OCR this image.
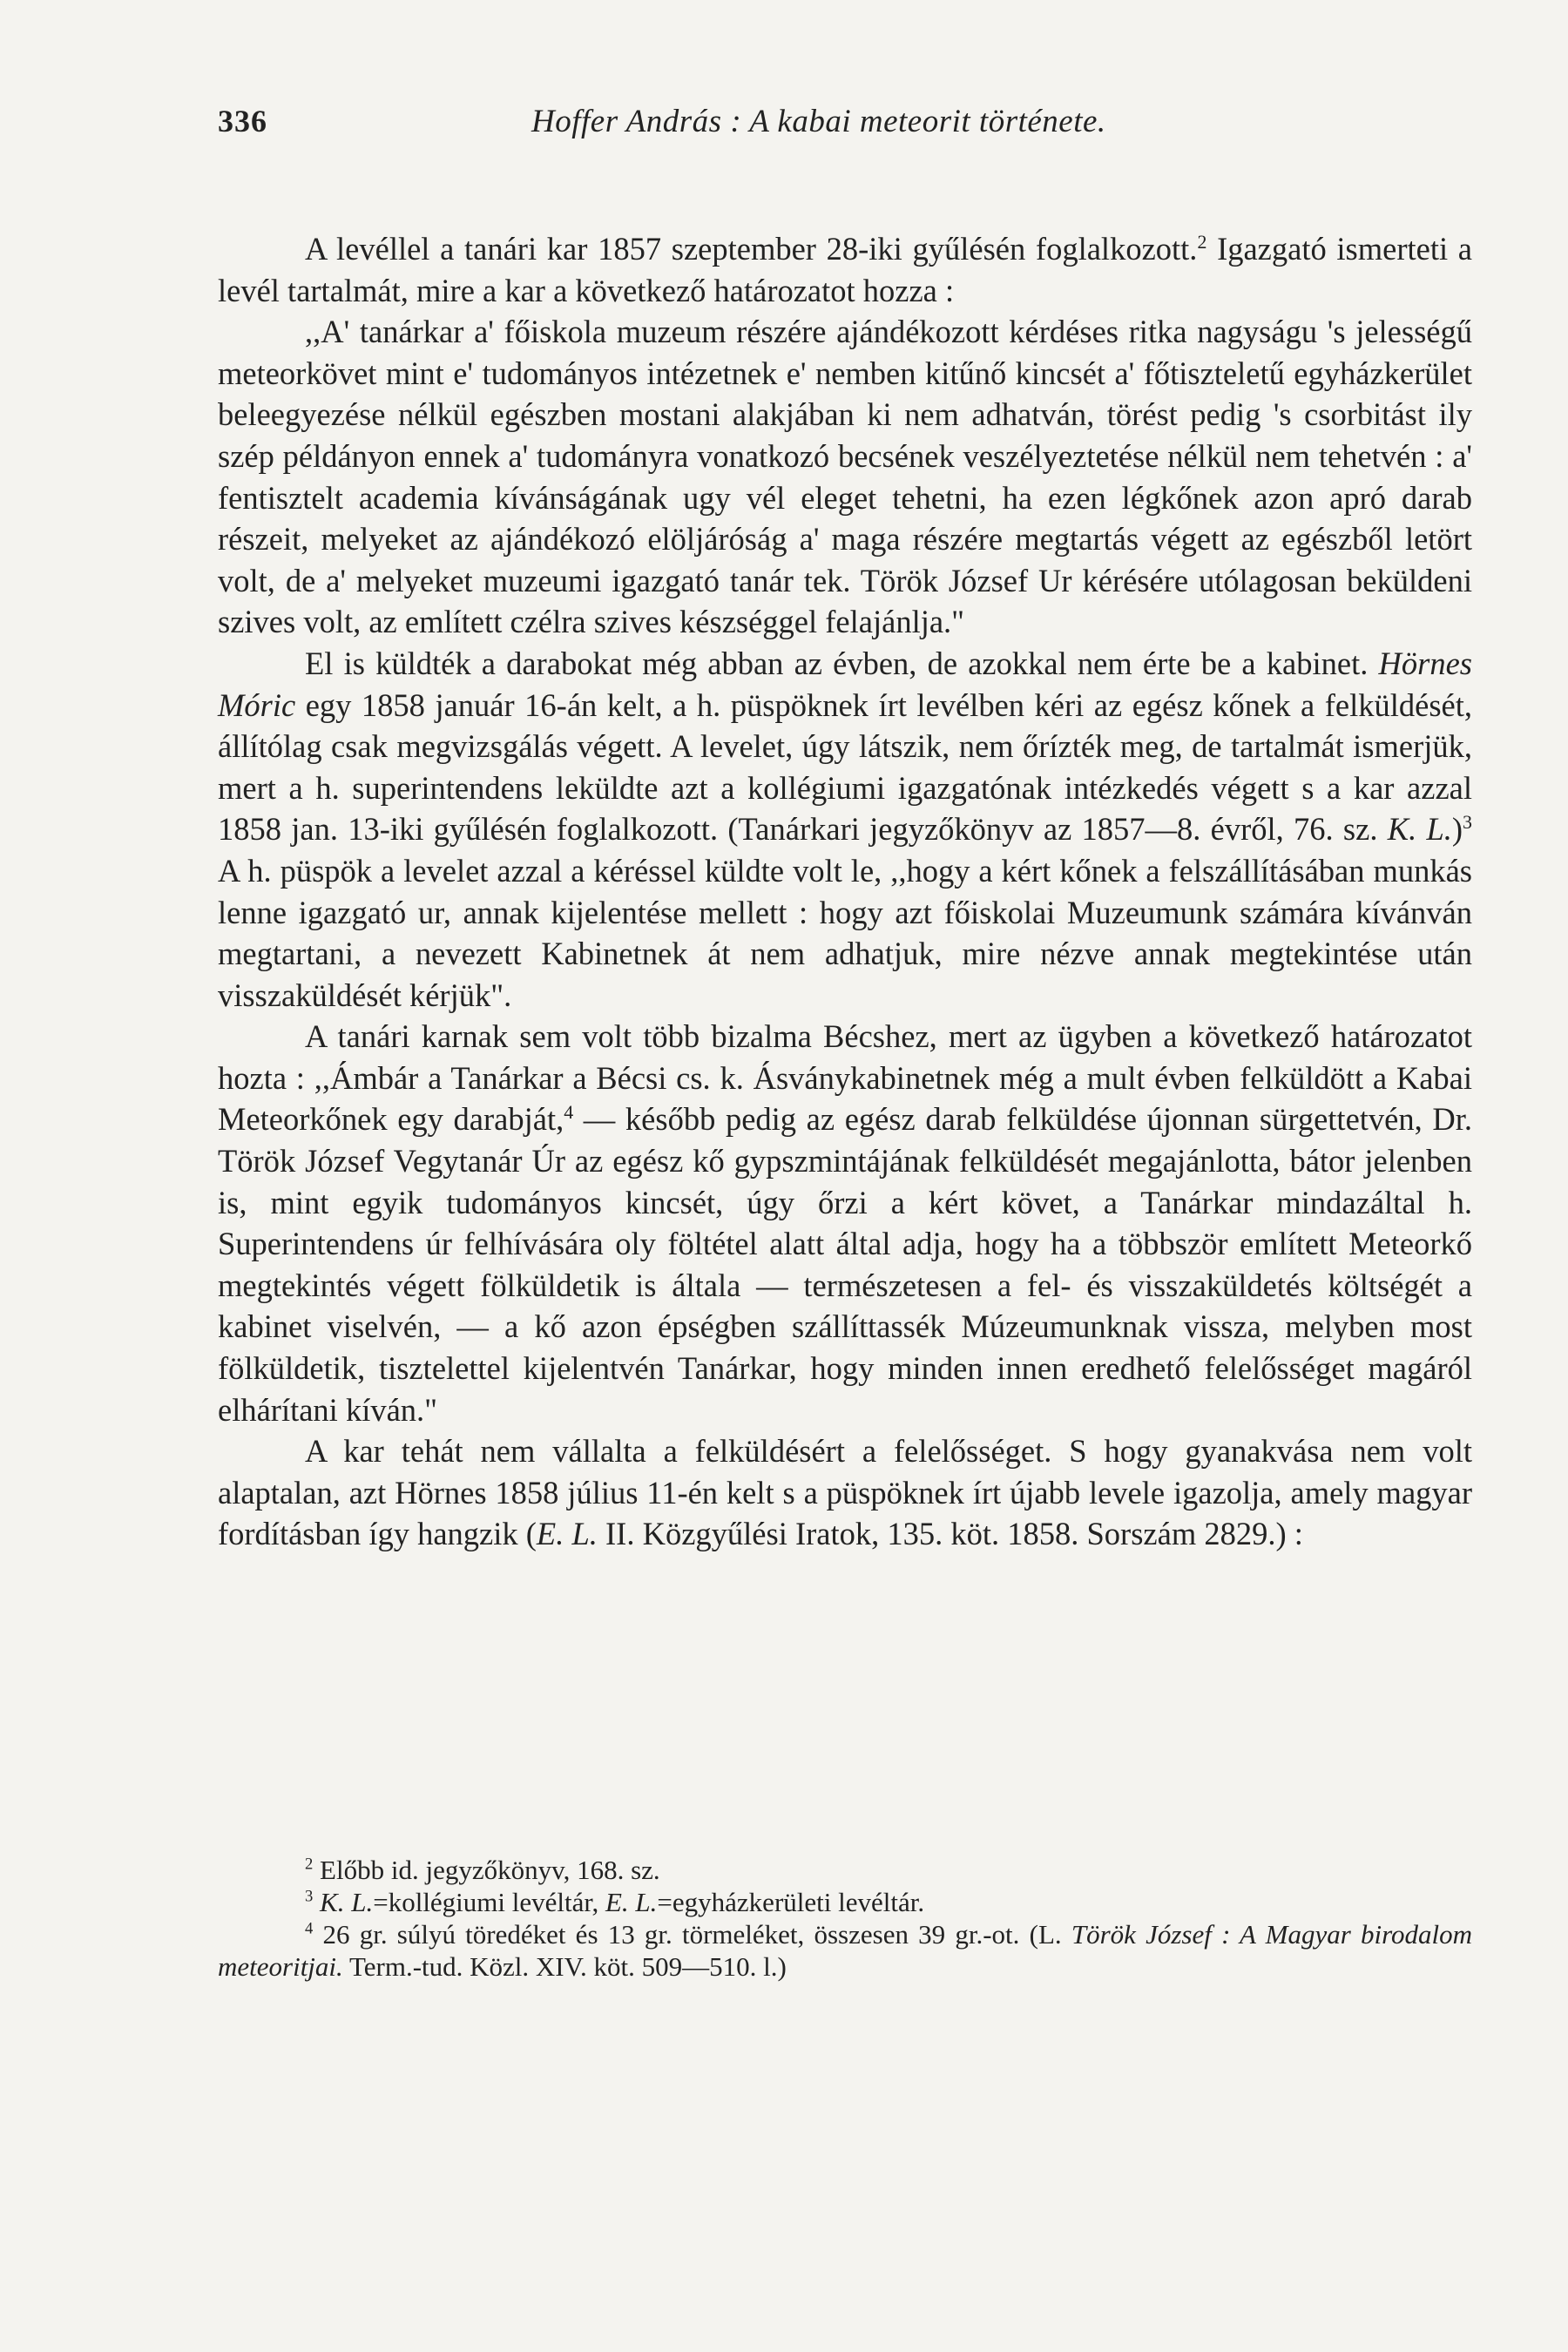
336	Hoffer András : A kabai meteorit története.

A levéllel a tanári kar 1857 szeptember 28-iki gyűlésén foglalkozott.$^2$ Igazgató ismerteti a levél tartalmát, mire a kar a következő határozatot hozza :

,,A' tanárkar a' főiskola muzeum részére ajándékozott kérdéses ritka nagyságu 's jelességű meteorkövet mint e' tudományos intézetnek e' nemben kitűnő kincsét a' főtiszteletű egyházkerület beleegyezése nélkül egészben mostani alakjában ki nem adhatván, törést pedig 's csorbitást ily szép példányon ennek a' tudományra vonatkozó becsének veszélyeztetése nélkül nem tehetvén : a' fentisztelt academia kívánságának ugy vél eleget tehetni, ha ezen légkőnek azon apró darab részeit, melyeket az ajándékozó elöljáróság a' maga részére megtartás végett az egészből letört volt, de a' melyeket muzeumi igazgató tanár tek. Török József Ur kérésére utólagosan beküldeni szives volt, az említett czélra szives készséggel felajánlja."

El is küldték a darabokat még abban az évben, de azokkal nem érte be a kabinet. Hörnes Móric egy 1858 január 16-án kelt, a h. püspöknek írt levélben kéri az egész kőnek a felküldését, állítólag csak megvizsgálás végett. A levelet, úgy látszik, nem őrízték meg, de tartalmát ismerjük, mert a h. superintendens leküldte azt a kollégiumi igazgatónak intézkedés végett s a kar azzal 1858 jan. 13-iki gyűlésén foglalkozott. (Tanárkari jegyzőkönyv az 1857—8. évről, 76. sz. K. L.)$^3$ A h. püspök a levelet azzal a kéréssel küldte volt le, ,,hogy a kért kőnek a felszállításában munkás lenne igazgató ur, annak kijelentése mellett : hogy azt főiskolai Muzeumunk számára kívánván megtartani, a nevezett Kabinetnek át nem adhatjuk, mire nézve annak megtekintése után visszaküldését kérjük".

A tanári karnak sem volt több bizalma Bécshez, mert az ügyben a következő határozatot hozta : ,,Ámbár a Tanárkar a Bécsi cs. k. Ásványkabinetnek még a mult évben felküldött a Kabai Meteorkőnek egy darabját,$^4$ — később pedig az egész darab felküldése újonnan sürgettetvén, Dr. Török József Vegytanár Úr az egész kő gypszmintájának felküldését megajánlotta, bátor jelenben is, mint egyik tudományos kincsét, úgy őrzi a kért követ, a Tanárkar mindazáltal h. Superintendens úr felhívására oly föltétel alatt által adja, hogy ha a többször említett Meteorkő megtekintés végett fölküldetik is általa — természetesen a fel- és visszaküldetés költségét a kabinet viselvén, — a kő azon épségben szállíttassék Múzeumunknak vissza, melyben most fölküldetik, tisztelettel kijelentvén Tanárkar, hogy minden innen eredhető felelősséget magáról elhárítani kíván."

A kar tehát nem vállalta a felküldésért a felelősséget. S hogy gyanakvása nem volt alaptalan, azt Hörnes 1858 július 11-én kelt s a püspöknek írt újabb levele igazolja, amely magyar fordításban így hangzik (E. L. II. Közgyűlési Iratok, 135. köt. 1858. Sorszám 2829.) :

$^2$ Előbb id. jegyzőkönyv, 168. sz.

$^3$ K. L.=kollégiumi levéltár, E. L.=egyházkerületi levéltár.

$^4$ 26 gr. súlyú töredéket és 13 gr. törmeléket, összesen 39 gr.-ot. (L. Török József : A Magyar birodalom meteoritjai. Term.-tud. Közl. XIV. köt. 509—510. l.)
